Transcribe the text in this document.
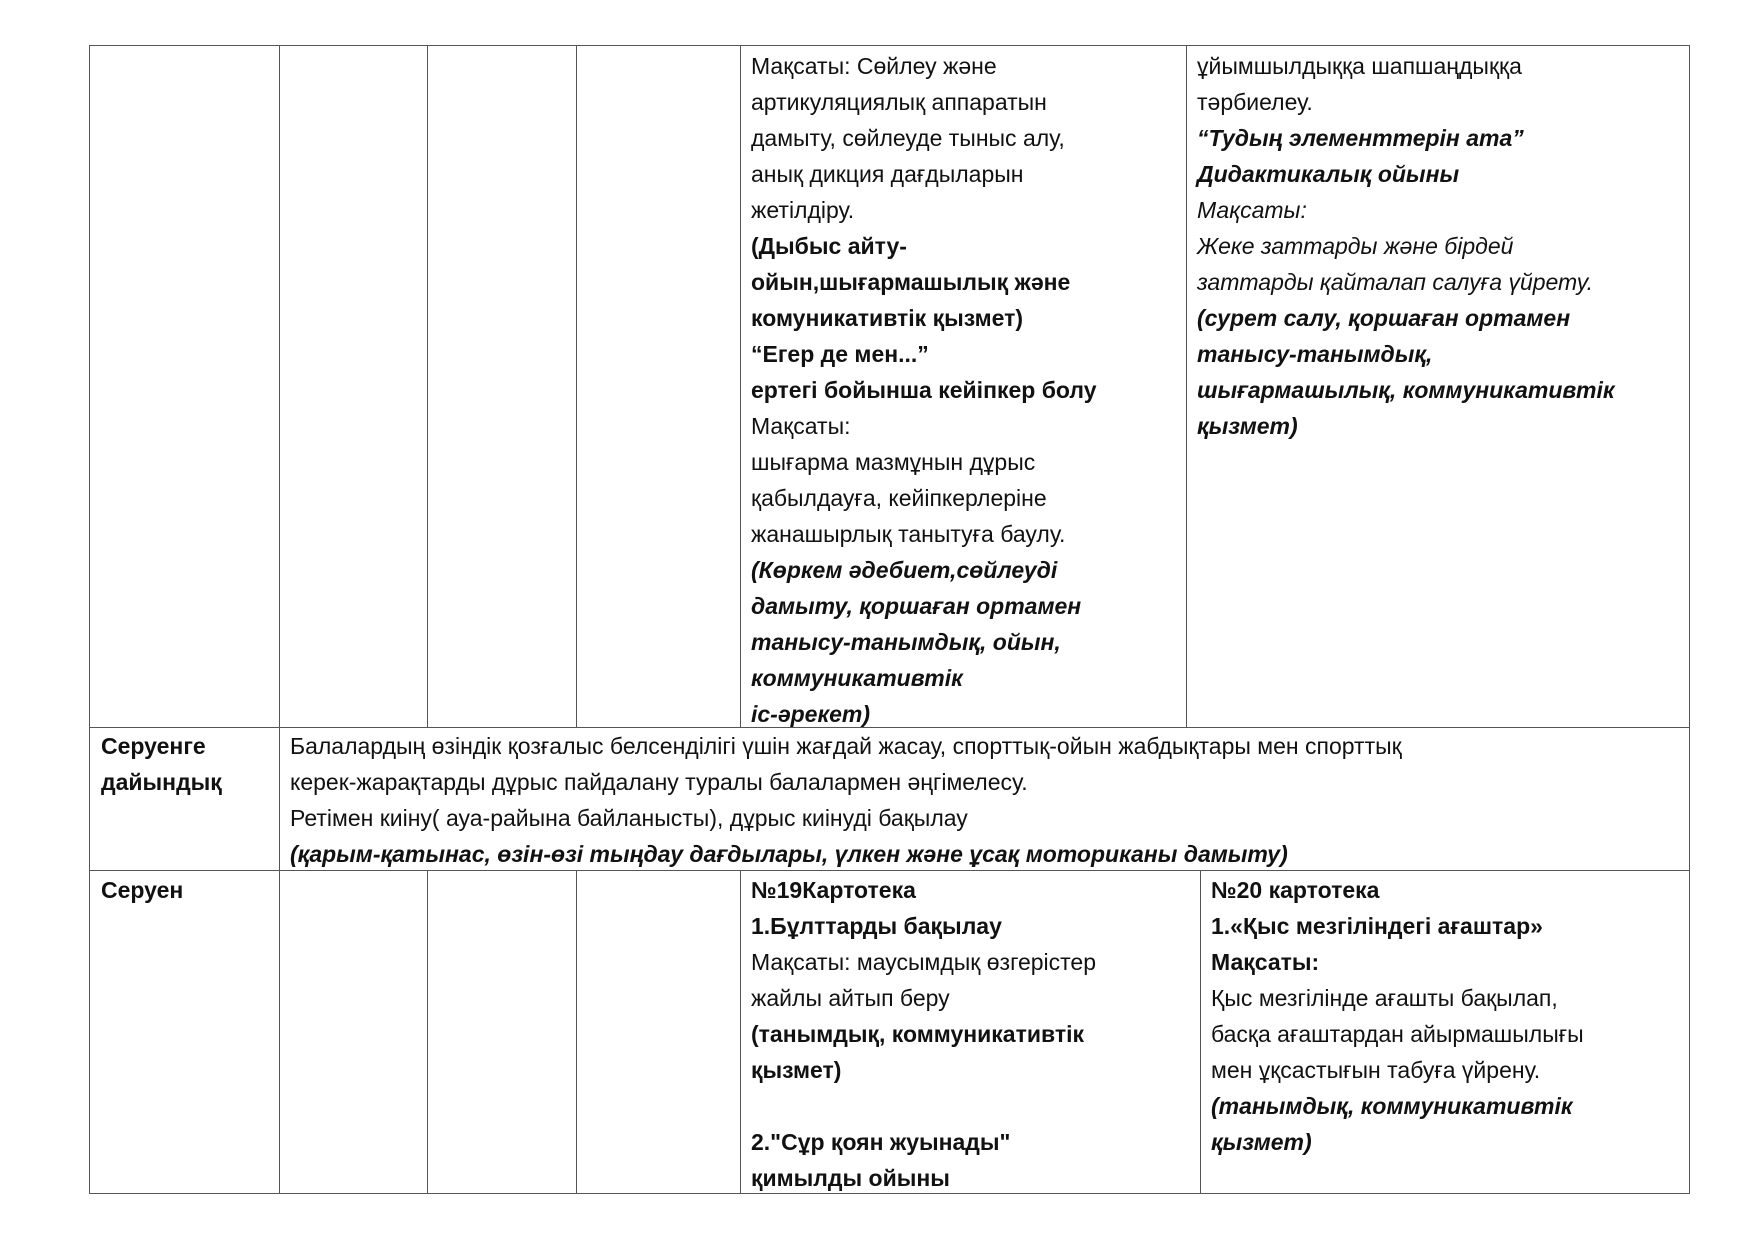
Мақсаты: Сөйлеу және
артикуляциялық аппаратын
дамыту, сөйлеуде тыныс алу,
анық дикция дағдыларын
жетілдіру.
(Дыбыс айту-
ойын,шығармашылық және
комуникативтік қызмет)
“Егер де мен...”
ертегі бойынша кейіпкер болу
Мақсаты:
шығарма мазмұнын дұрыс
қабылдауға, кейіпкерлеріне
жанашырлық танытуға баулу.
(Көркем әдебиет,сөйлеуді
дамыту, қоршаған ортамен
танысу-танымдық, ойын,
коммуникативтік
іс-әрекет)
ұйымшылдыққа шапшаңдыққа
тәрбиелеу.
“Тудың элементтерін ата”
Дидактикалық ойыны
Мақсаты:
Жеке заттарды және бірдей
заттарды қайталап салуға үйрету.
(сурет салу, қоршаған ортамен
танысу-танымдық,
шығармашылық, коммуникативтік
қызмет)
Серуенге
дайындық
Балалардың өзіндік қозғалыс белсенділігі үшін жағдай жасау, спорттық-ойын жабдықтары мен спорттық
керек-жарақтарды дұрыс пайдалану туралы балалармен әңгімелесу.
Ретімен киіну( ауа-райына байланысты), дұрыс киінуді бақылау
(қарым-қатынас, өзін-өзі тыңдау дағдылары, үлкен және ұсақ моториканы дамыту)
Серуен	№19Картотека
1.Бұлттарды бақылау
Мақсаты: маусымдық өзгерістер
жайлы айтып беру
(танымдық, коммуникативтік
қызмет)
2."Сұр қоян жуынады"
қимылды ойыны
№20 картотека
1.«Қыс мезгіліндегі ағаштар»
Мақсаты:
Қыс мезгілінде ағашты бақылап,
басқа ағаштардан айырмашылығы
мен ұқсастығын табуға үйрену.
(танымдық, коммуникативтік
қызмет)
